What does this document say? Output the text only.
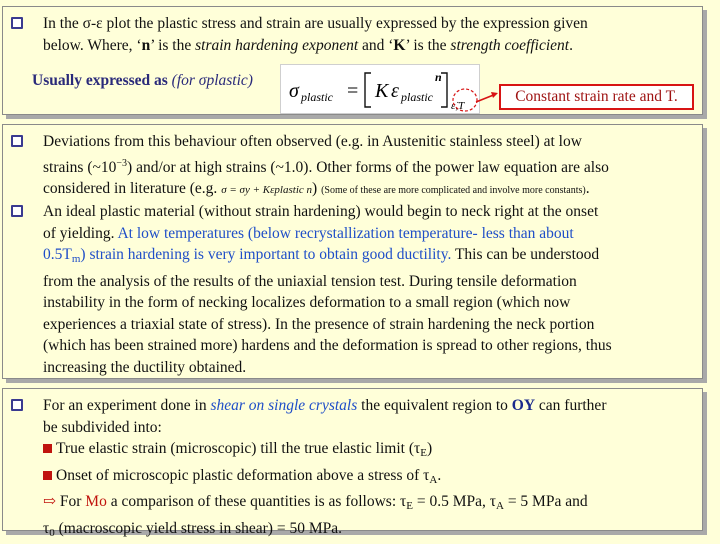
In the σ-ε plot the plastic stress and strain are usually expressed by the expression given
below. Where, ‘n’ is the strain hardening exponent and ‘K’ is the strength coefficient.
Usually expressed as (for σplastic) σ plastic = K ε plastic
n
ε̇,T
Constant strain rate and T.
Deviations from this behaviour often observed (e.g. in Austenitic stainless steel) at low
strains $(\sim 10^{-3})$ and/or at high strains (~1.0). Other forms of the power law equation are also
considered in literature (e.g. σ = σy + Kεplastic n) (Some of these are more complicated and involve more constants).
An ideal plastic material (without strain hardening) would begin to neck right at the onset
of yielding. At low temperatures (below recrystallization temperature- less than about
$0.5T_m$) strain hardening is very important to obtain good ductility. This can be understood
from the analysis of the results of the uniaxial tension test. During tensile deformation
instability in the form of necking localizes deformation to a small region (which now
experiences a triaxial state of stress). In the presence of strain hardening the neck portion
(which has been strained more) hardens and the deformation is spread to other regions, thus
increasing the ductility obtained.
For an experiment done in shear on single crystals the equivalent region to OY can further
be subdivided into:
True elastic strain (microscopic) till the true elastic limit $(\tau_E)$
Onset of microscopic plastic deformation above a stress of $\tau_A$.
⇨ For Mo a comparison of these quantities is as follows: $\tau_E = 0.5$ MPa, $\tau_A = 5$ MPa and
$\tau_0$ (macroscopic yield stress in shear) = 50 MPa.
